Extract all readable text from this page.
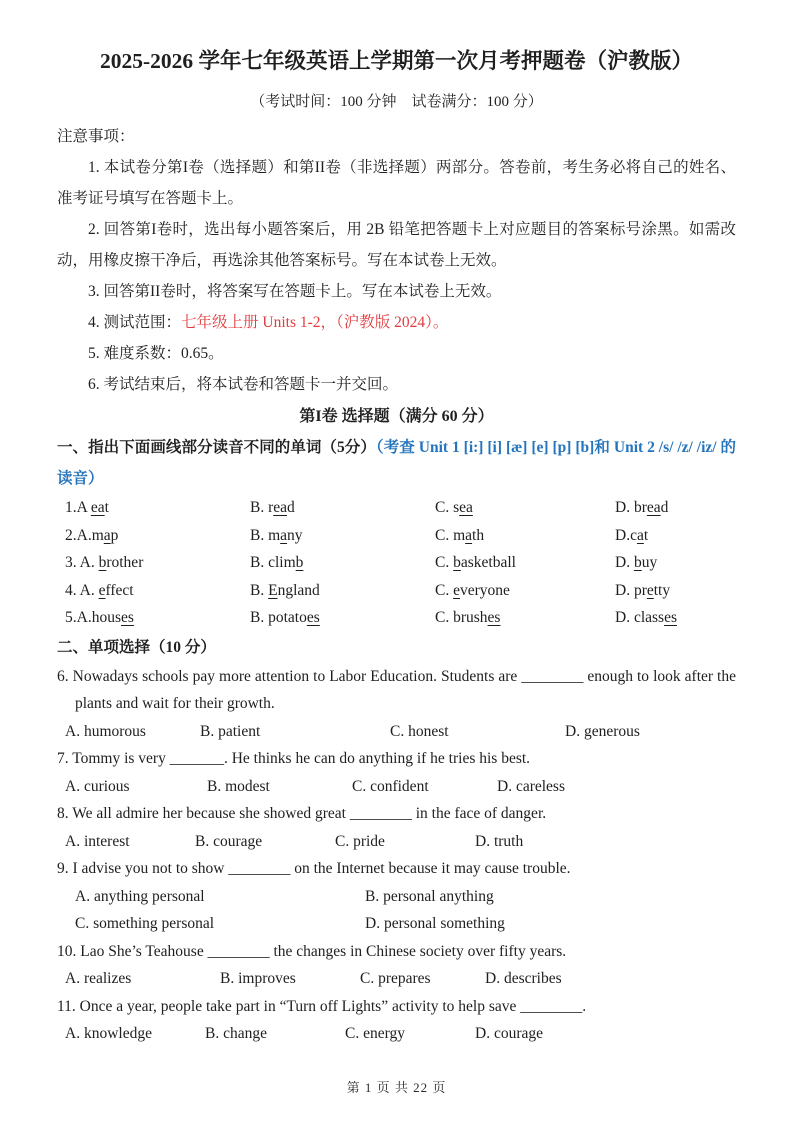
2025-2026 学年七年级英语上学期第一次月考押题卷（沪教版）
（考试时间：100 分钟　试卷满分：100 分）
注意事项：
1. 本试卷分第I卷（选择题）和第II卷（非选择题）两部分。答卷前，考生务必将自己的姓名、准考证号填写在答题卡上。
2. 回答第I卷时，选出每小题答案后，用 2B 铅笔把答题卡上对应题目的答案标号涂黑。如需改动，用橡皮擦干净后，再选涂其他答案标号。写在本试卷上无效。
3. 回答第II卷时，将答案写在答题卡上。写在本试卷上无效。
4. 测试范围：七年级上册 Units 1-2，（沪教版 2024）。
5. 难度系数：0.65。
6. 考试结束后，将本试卷和答题卡一并交回。
第I卷 选择题（满分 60 分）
一、指出下面画线部分读音不同的单词（5分）（考查 Unit 1 [i:] [i] [æ] [e] [p] [b]和 Unit 2 /s/ /z/ /iz/ 的读音）
1.A eat	B. read	C. sea	D. bread
2.A.map	B. many	C. math	D.cat
3. A. brother	B. climb	C. basketball	D. buy
4. A. effect	B. England	C. everyone	D. pretty
5.A.houses	B. potatoes	C. brushes	D. classes
二、单项选择（10 分）
6. Nowadays schools pay more attention to Labor Education. Students are ________ enough to look after the plants and wait for their growth.
A. humorous	B. patient	C. honest	D. generous
7. Tommy is very _______. He thinks he can do anything if he tries his best.
A. curious	B. modest	C. confident	D. careless
8. We all admire her because she showed great ________ in the face of danger.
A. interest	B. courage	C. pride	D. truth
9. I advise you not to show ________ on the Internet because it may cause trouble.
A. anything personal	B. personal anything
C. something personal	D. personal something
10. Lao She’s Teahouse ________ the changes in Chinese society over fifty years.
A. realizes	B. improves	C. prepares	D. describes
11. Once a year, people take part in “Turn off Lights” activity to help save ________.
A. knowledge	B. change	C. energy	D. courage
第 1 页 共 22 页
